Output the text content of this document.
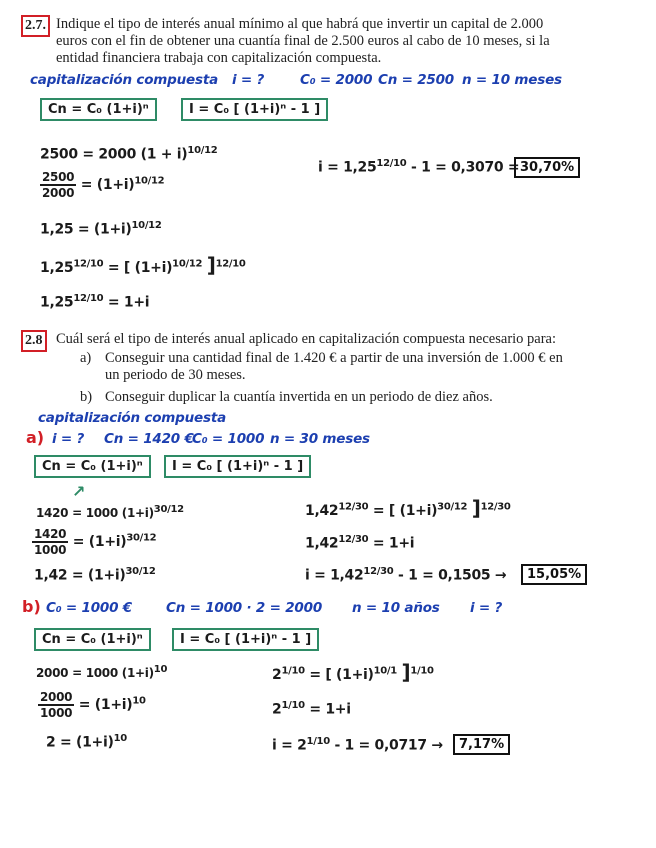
2.7. Indique el tipo de interés anual mínimo al que habrá que invertir un capital de 2.000
euros con el fin de obtener una cuantía final de 2.500 euros al cabo de 10 meses, si la
entidad financiera trabaja con capitalización compuesta.
capitalización compuesta i = ?	C₀ = 2000 Cn = 2500 n = 10 meses
Cn = C₀ (1+i)ⁿ	I = C₀ [ (1+i)ⁿ - 1 ]
2500 = 2000 $(1 + i)^{10/12}$
$\frac{2500}{2000} = (1+i)^{10/12}$
$1,25 = (1+i)^{10/12}$
$1,25^{12/10}$ = [ $(1+i)^{10/12}$ ]$^{12/10}$
$1,25^{12/10} = 1+i$
$i = 1,25^{12/10} - 1 = 0,3070 = 30,70\%$
2.8 Cuál será el tipo de interés anual aplicado en capitalización compuesta necesario para:
a) Conseguir una cantidad final de 1.420 € a partir de una inversión de 1.000 € en
un periodo de 30 meses.
b) Conseguir duplicar la cuantía invertida en un periodo de diez años.
capitalización compuesta
a) i = ? Cn = 1420 €
C₀ = 1000 n = 30 meses
Cn = C₀ (1+i)ⁿ	I = C₀ [ (1+i)ⁿ - 1 ]
↗
1420 = 1000 $(1+i)^{30/12}$
$\frac{1420}{1000} = (1+i)^{30/12}$
$1,42 = (1+i)^{30/12}$
$1,42^{12/30}$ = [ $(1+i)^{30/12}$ ]$^{12/30}$
$1,42^{12/30} = 1+i$
$i = 1,42^{12/30} - 1 = 0,1505$ →	15,05%
b) C₀ = 1000 €	Cn = 1000 · 2 = 2000 n = 10 años i = ?
Cn = C₀ (1+i)ⁿ	I = C₀ [ (1+i)ⁿ - 1 ]
2000 = 1000 $(1+i)^{10}$
$\frac{2000}{1000} = (1+i)^{10}$
$2 = (1+i)^{10}$
$2^{1/10}$ = [ $(1+i)^{10/1}$ ]$^{1/10}$
$2^{1/10} = 1+i$
$i = 2^{1/10} - 1 = 0,0717$ →	7,17%
